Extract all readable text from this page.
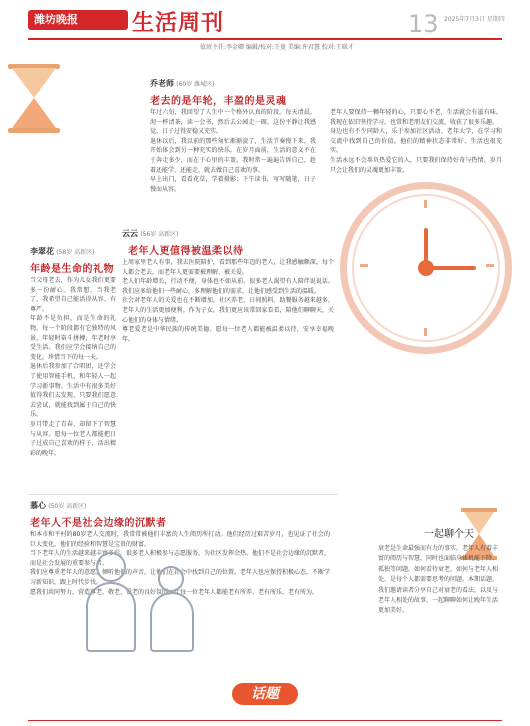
潍坊晚报	生活周刊	13 2025年7月3日 星期四
值班主任:李金卿 编辑/校对:王曼 美编:许君慧 校对:王联才
乔老师 (60岁 潍城区)
老去的是年轮，丰盈的是灵魂
年过六旬，我回望了人生中一个格外认真的阶段。每天清晨，沏一杯清茶，读一会书，然后去公园走一圈。这份平静让我感觉，日子过得安稳又充实。
退休以后，我以前的那些匆忙渐渐淡了，生活节奏慢下来，我开始体会到另一种充实的快乐。在岁月面前，生活的意义不在于奔走多少，而在于心里的丰盈。我时常一遍遍告诉自己，趁着还能学、还能走，就去做自己喜欢的事。
早上出门，看看花草，学着摄影；下午读书，写写随笔，日子慢而从容。
老年人要保持一颗年轻的心。只要心不老，生活就会有滋有味。我现在依旧坚持学习，也常和老朋友们交流，收获了很多乐趣。
身边也有不少同龄人，乐于参加社区活动、老年大学，在学习和交流中找到自己的价值。他们的精神状态非常好，生活也很充实。
生活永远不会辜负热爱它的人，只要我们保持好奇与热情，岁月只会让我们的灵魂更加丰盈。
云云 (56岁 高新区)
老年人更值得被温柔以待
上周家里老人有事，我去医院陪护，看到那些年迈的老人，让我感触颇深。每个人都会老去，而老年人更需要被理解、被关爱。
老人们年龄增长，行动不便，身体也不如从前。很多老人渴望有人陪伴说说话。我们应多给他们一些耐心，多理解他们的需求，让他们感受到生活的温暖。
社会对老年人的关爱也在不断增加，社区养老、日间照料、助餐服务越来越多，老年人的生活更加便利。作为子女，我们更应该常回家看看，陪他们聊聊天，关心他们的身体与情绪。
尊老爱老是中华民族的传统美德。愿每一位老人都能被温柔以待，安享幸福晚年。
李翠花 (58岁 高新区)
年龄是生命的礼物
当父母老去，作为儿女我们更要多一份耐心。我常想，当我老了，我希望自己能活得从容、有尊严。
年龄不是负担，而是生命的礼物。每一个阶段都有它独特的风景，年轻时奋斗拼搏，年老时享受生活。我们应学会接纳自己的变化，珍惜当下的每一天。
退休后我参加了合唱团，还学会了使用智能手机，和年轻人一起学习新事物。生活中有很多美好值得我们去发现，只要我们愿意去尝试，就能找到属于自己的快乐。
岁月带走了青春，却留下了智慧与从容。愿每一位老人都能把日子过成自己喜欢的样子，活出精彩的晚年。
慕心 (50岁 高新区)
老年人不是社会边缘的沉默者
和本市和平村的80岁老人交流时，我常常被他们丰富的人生阅历所打动。他们经历过艰苦岁月，也见证了社会的巨大变化，他们的经验和智慧是宝贵的财富。
当下老年人的生活越来越丰富多彩，很多老人积极参与志愿服务，为社区发挥余热。他们不是社会边缘的沉默者，而是社会发展的重要参与者。
我们应尊重老年人的意愿，倾听他们的声音，让他们在社会中找到自己的位置。老年人也应保持积极心态，不断学习新知识，跟上时代步伐。
愿我们共同努力，营造尊老、敬老、爱老的良好氛围，让每一位老年人都能老有所养、老有所乐、老有所为。
一起聊个天
衰老是生命最强而有力的事实。老年人有着丰富的阅历与智慧，同时也面临身体机能下降、孤独等问题。如何看待衰老，如何与老年人相处，是每个人都需要思考的问题。本期话题，我们邀请读者分享自己对衰老的看法，以及与老年人相处的故事，一起聊聊如何让晚年生活更加美好。
话题
